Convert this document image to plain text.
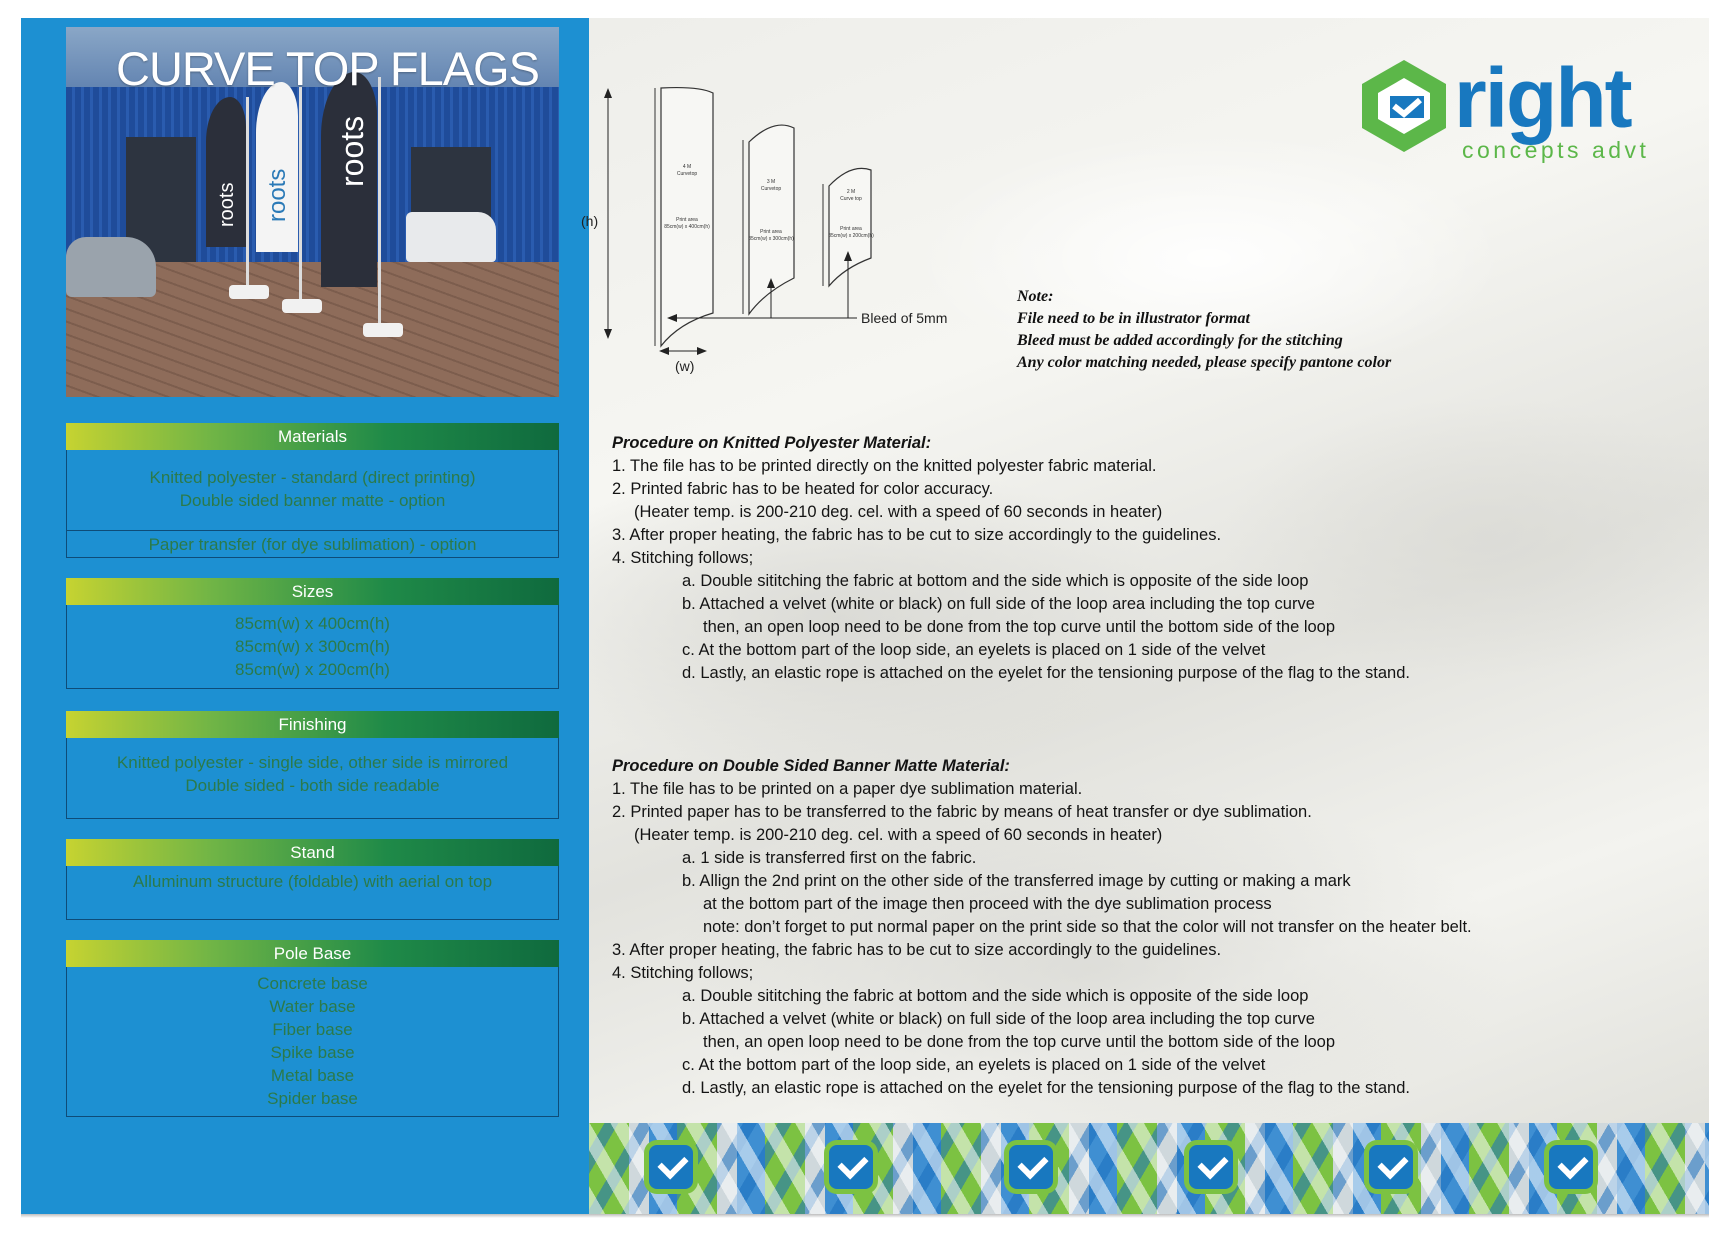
roots roots
roots
CURVE TOP FLAGS
Materials
Knitted polyester - standard (direct printing)
Double sided banner matte - option
Paper transfer (for dye sublimation) - option
Sizes
85cm(w) x 400cm(h)
85cm(w) x 300cm(h)
85cm(w) x 200cm(h)
Finishing
Knitted polyester - single side, other side is mirrored
Double sided - both side readable
Stand
Alluminum structure (foldable) with aerial on top
Pole Base
Concrete base
Water base
Fiber base
Spike base
Metal base
Spider base
right
concepts advt
(h)
4 M
Curvetop
Print area
85cm(w) x 400cm(h)
3 M
Curvetop
Print area
85cm(w) x 300cm(h)
2 M
Curve top
Print area
85cm(w) x 200cm(h)
Bleed of 5mm
(w)
Note:
File need to be in illustrator format
Bleed must be added accordingly for the stitching
Any color matching needed, please specify pantone color
Procedure on Knitted Polyester Material:
1. The file has to be printed directly on the knitted polyester fabric material.
2. Printed fabric has to be heated for color accuracy.
(Heater temp. is 200-210 deg. cel. with a speed of 60 seconds in heater)
3. After proper heating, the fabric has to be cut to size accordingly to the guidelines.
4. Stitching follows;
a. Double sititching the fabric at bottom and the side which is opposite of the side loop
b. Attached a velvet (white or black) on full side of the loop area including the top curve
then, an open loop need to be done from the top curve until the bottom side of the loop
c. At the bottom part of the loop side, an eyelets is placed on 1 side of the velvet
d. Lastly, an elastic rope is attached on the eyelet for the tensioning purpose of the flag to the stand.
Procedure on Double Sided Banner Matte Material:
1. The file has to be printed on a paper dye sublimation material.
2. Printed paper has to be transferred to the fabric by means of heat transfer or dye sublimation.
(Heater temp. is 200-210 deg. cel. with a speed of 60 seconds in heater)
a. 1 side is transferred first on the fabric.
b. Allign the 2nd print on the other side of the transferred image by cutting or making a mark
at the bottom part of the image then proceed with the dye sublimation process
note: don’t forget to put normal paper on the print side so that the color will not transfer on the heater belt.
3. After proper heating, the fabric has to be cut to size accordingly to the guidelines.
4. Stitching follows;
a. Double sititching the fabric at bottom and the side which is opposite of the side loop
b. Attached a velvet (white or black) on full side of the loop area including the top curve
then, an open loop need to be done from the top curve until the bottom side of the loop
c. At the bottom part of the loop side, an eyelets is placed on 1 side of the velvet
d. Lastly, an elastic rope is attached on the eyelet for the tensioning purpose of the flag to the stand.
